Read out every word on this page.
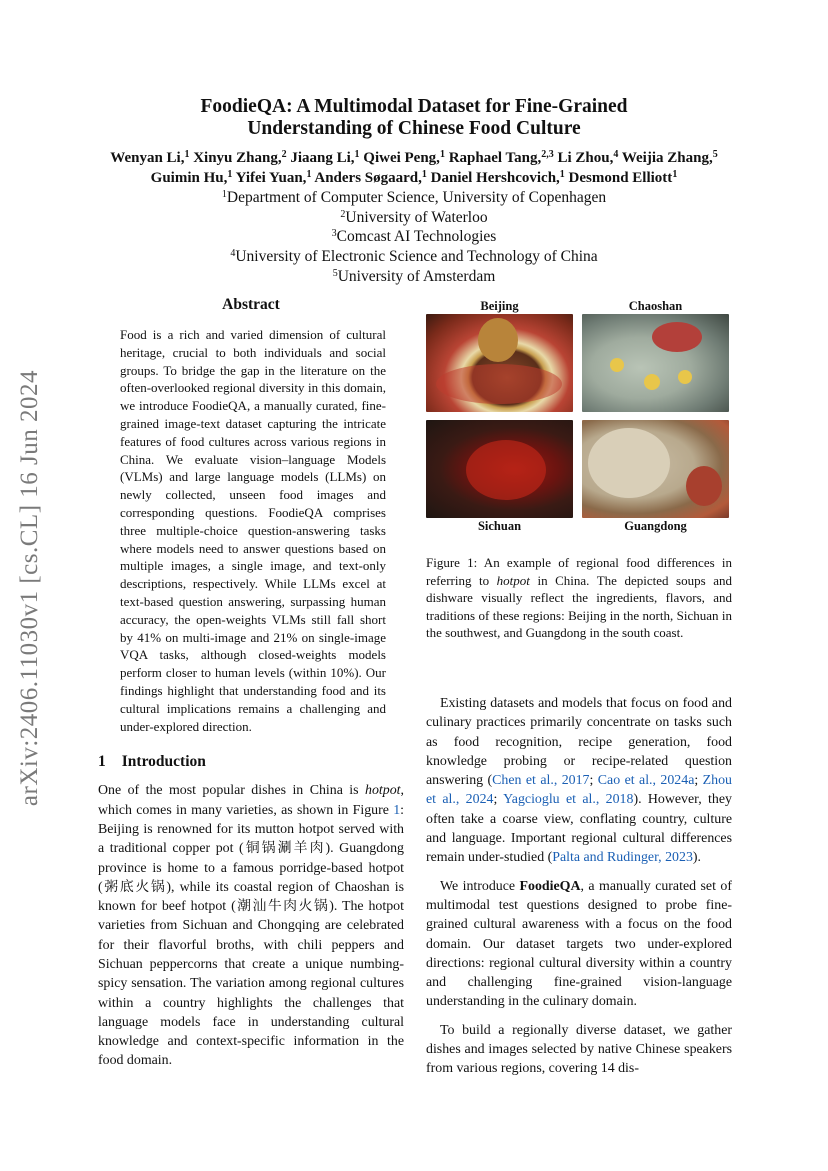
arXiv:2406.11030v1 [cs.CL] 16 Jun 2024
FoodieQA: A Multimodal Dataset for Fine-Grained
Understanding of Chinese Food Culture
Wenyan Li,$^1$ Xinyu Zhang,$^2$ Jiaang Li,$^1$ Qiwei Peng,$^1$ Raphael Tang,$^{2,3}$ Li Zhou,$^4$ Weijia Zhang,$^5$
Guimin Hu,$^1$ Yifei Yuan,$^1$ Anders Søgaard,$^1$ Daniel Hershcovich,$^1$ Desmond Elliott$^1$
$^1$Department of Computer Science, University of Copenhagen
$^2$University of Waterloo
$^3$Comcast AI Technologies
$^4$University of Electronic Science and Technology of China
$^5$University of Amsterdam
Abstract
Food is a rich and varied dimension of cultural heritage, crucial to both individuals and social groups. To bridge the gap in the literature on the often-overlooked regional diversity in this domain, we introduce FoodieQA, a manually curated, fine-grained image-text dataset capturing the intricate features of food cultures across various regions in China. We evaluate vision–language Models (VLMs) and large language models (LLMs) on newly collected, unseen food images and corresponding questions. FoodieQA comprises three multiple-choice question-answering tasks where models need to answer questions based on multiple images, a single image, and text-only descriptions, respectively. While LLMs excel at text-based question answering, surpassing human accuracy, the open-weights VLMs still fall short by 41% on multi-image and 21% on single-image VQA tasks, although closed-weights models perform closer to human levels (within 10%). Our findings highlight that understanding food and its cultural implications remains a challenging and under-explored direction.
1 Introduction

One of the most popular dishes in China is hotpot, which comes in many varieties, as shown in Figure 1: Beijing is renowned for its mutton hotpot served with a traditional copper pot (铜锅涮羊肉). Guangdong province is home to a famous porridge-based hotpot (粥底火锅), while its coastal region of Chaoshan is known for beef hotpot (潮汕牛肉火锅). The hotpot varieties from Sichuan and Chongqing are celebrated for their flavorful broths, with chili peppers and Sichuan peppercorns that create a unique numbing-spicy sensation. The variation among regional cultures within a country highlights the challenges that language models face in understanding cultural knowledge and context-specific information in the food domain.

Beijing	Chaoshan
Sichuan	Guangdong
Figure 1: An example of regional food differences in referring to hotpot in China. The depicted soups and dishware visually reflect the ingredients, flavors, and traditions of these regions: Beijing in the north, Sichuan in the southwest, and Guangdong in the south coast.

Existing datasets and models that focus on food and culinary practices primarily concentrate on tasks such as food recognition, recipe generation, food knowledge probing or recipe-related question answering (Chen et al., 2017; Cao et al., 2024a; Zhou et al., 2024; Yagcioglu et al., 2018). However, they often take a coarse view, conflating country, culture and language. Important regional cultural differences remain under-studied (Palta and Rudinger, 2023).

We introduce FoodieQA, a manually curated set of multimodal test questions designed to probe fine-grained cultural awareness with a focus on the food domain. Our dataset targets two under-explored directions: regional cultural diversity within a country and challenging fine-grained vision-language understanding in the culinary domain.

To build a regionally diverse dataset, we gather dishes and images selected by native Chinese speakers from various regions, covering 14 dis-
